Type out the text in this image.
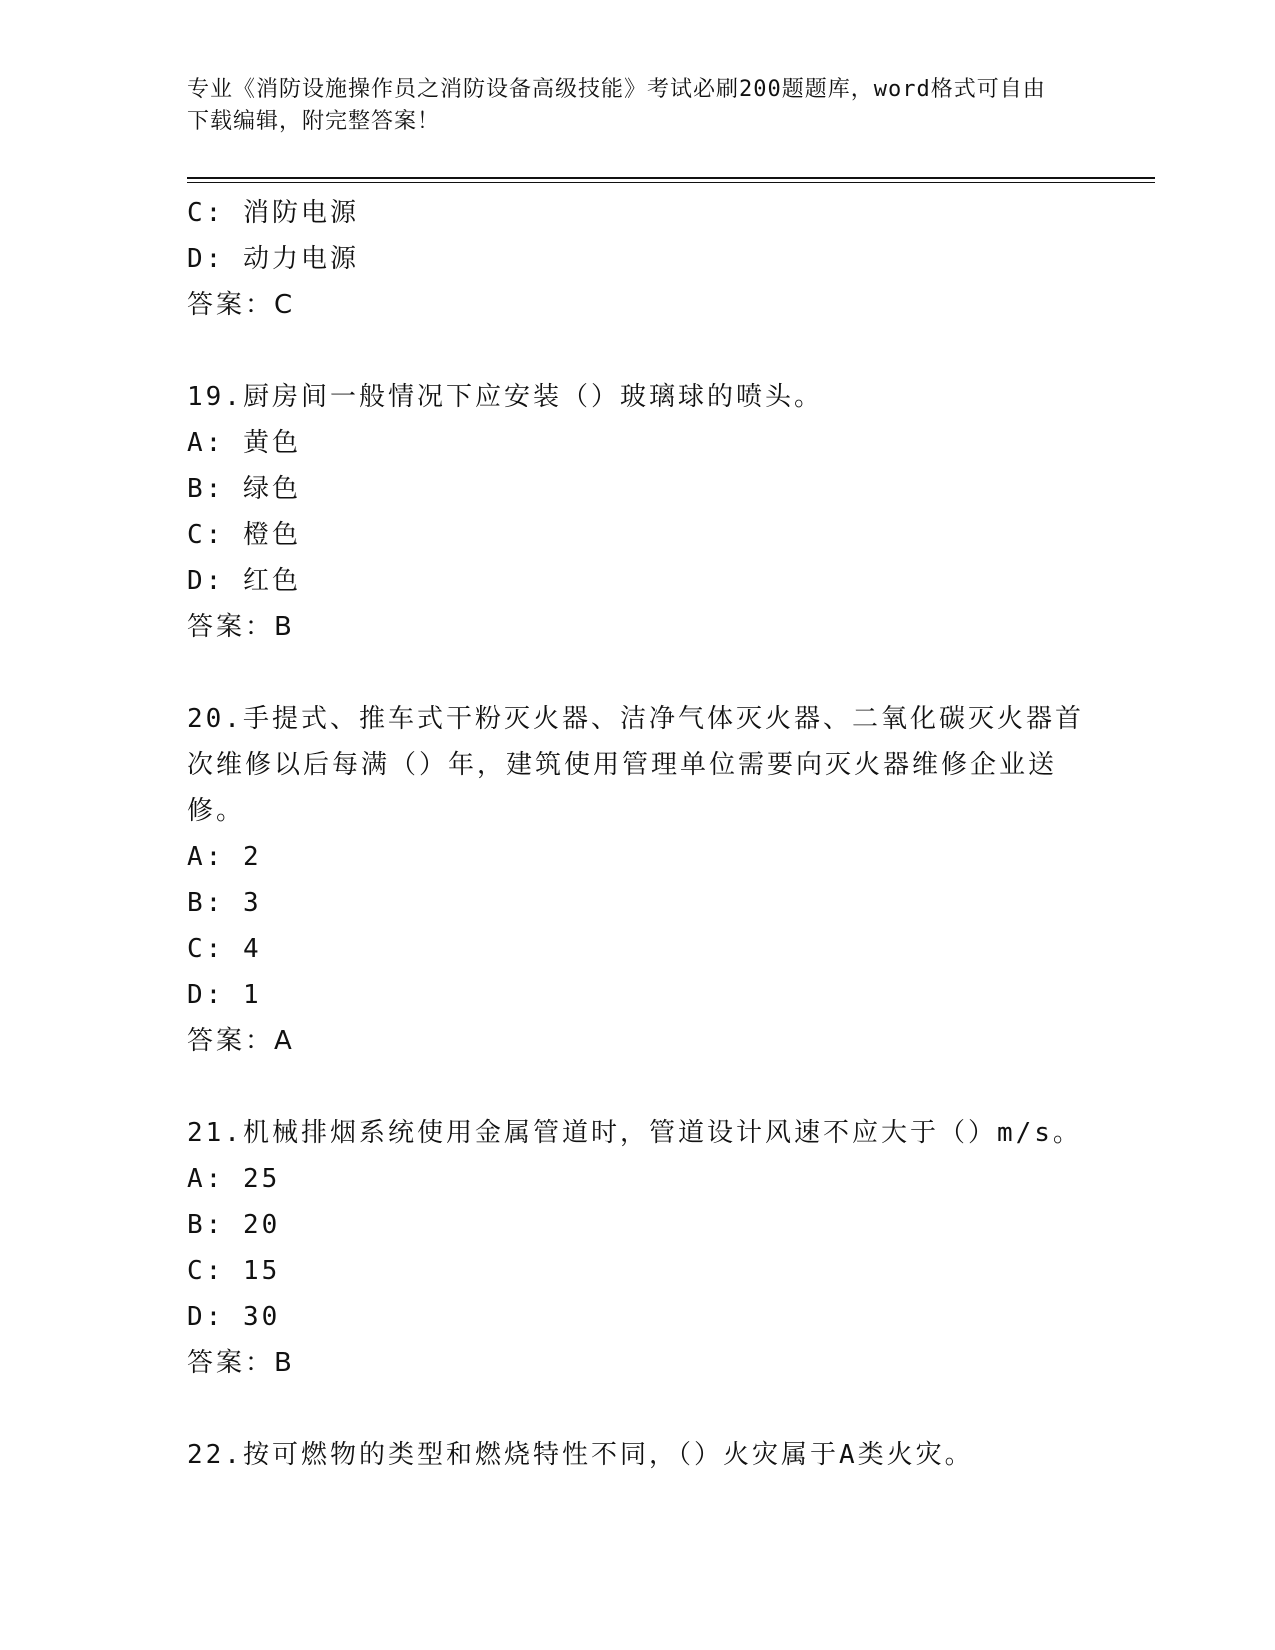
专业《消防设施操作员之消防设备高级技能》考试必刷200题题库，word格式可自由下载编辑，附完整答案！
C: 消防电源
D: 动力电源
答案：C
19.厨房间一般情况下应安装（）玻璃球的喷头。
A: 黄色
B: 绿色
C: 橙色
D: 红色
答案：B
20.手提式、推车式干粉灭火器、洁净气体灭火器、二氧化碳灭火器首次维修以后每满（）年，建筑使用管理单位需要向灭火器维修企业送修。
A: 2
B: 3
C: 4
D: 1
答案：A
21.机械排烟系统使用金属管道时，管道设计风速不应大于（）m/s。
A: 25
B: 20
C: 15
D: 30
答案：B
22.按可燃物的类型和燃烧特性不同，（）火灾属于A类火灾。
